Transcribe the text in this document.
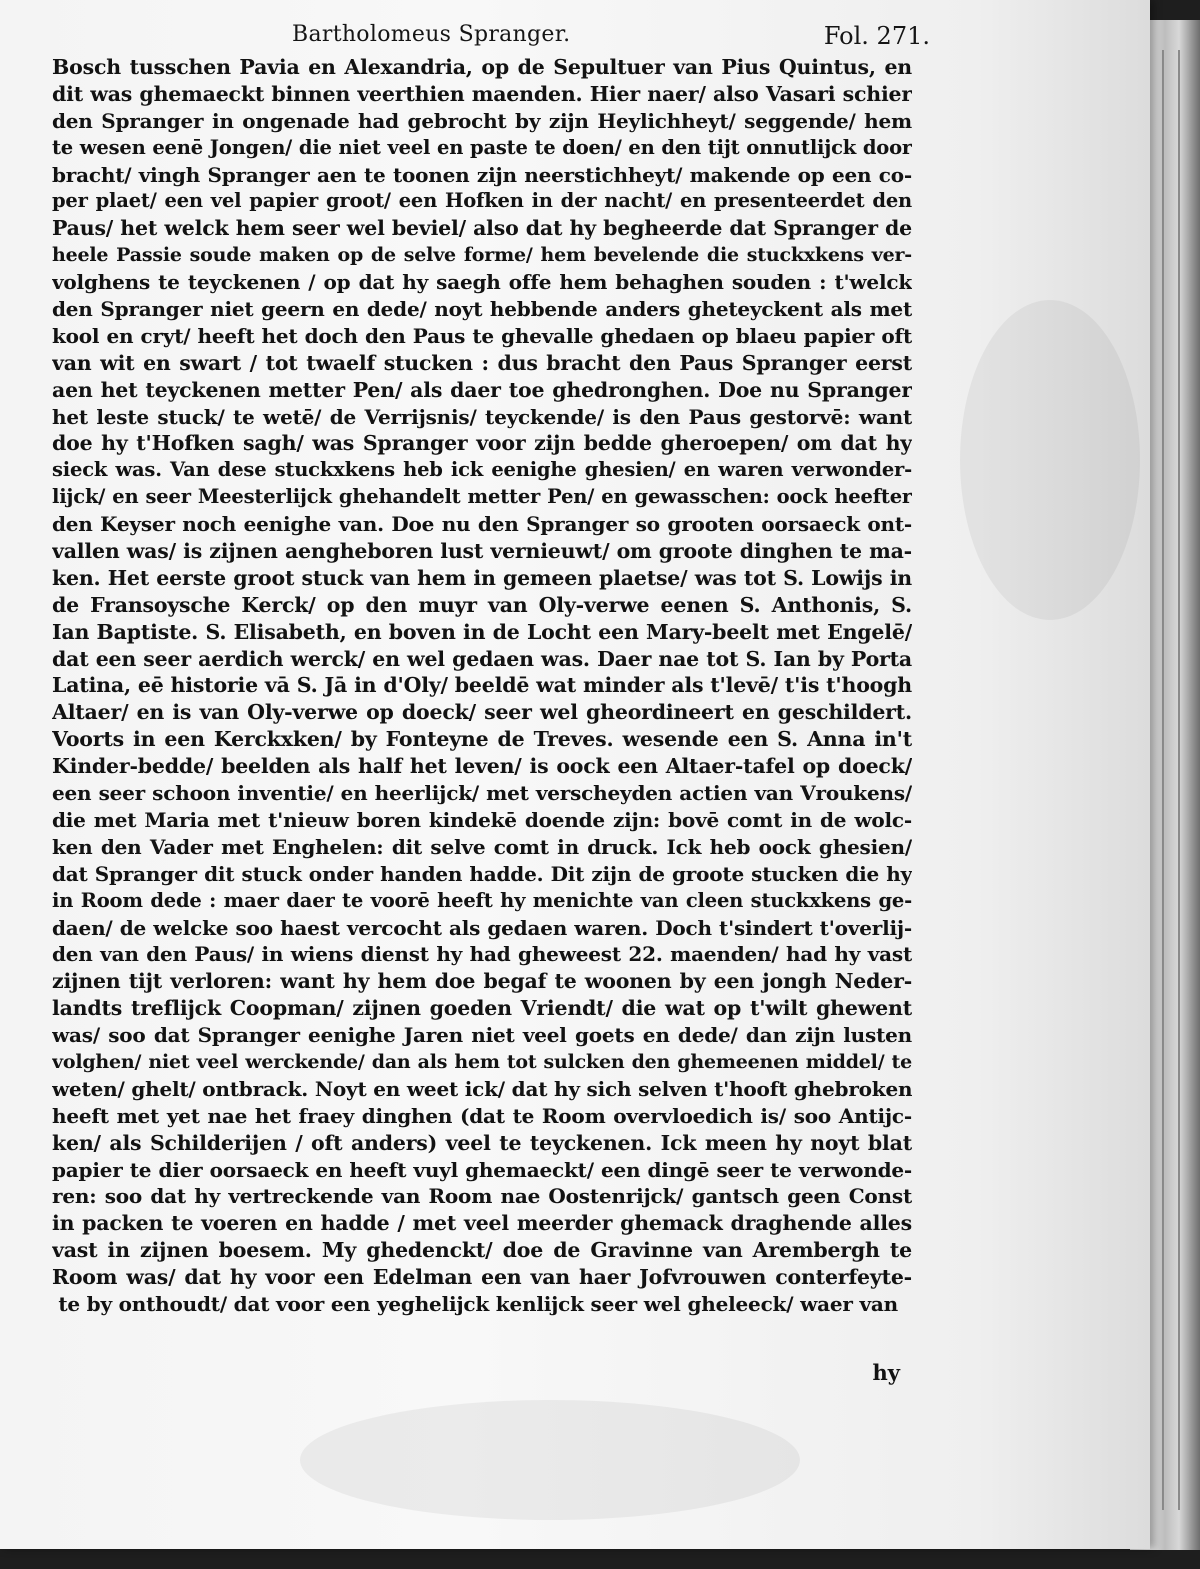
Bartholomeus Spranger.	Fol. 271.
Bosch tusschen Pavia en Alexandria, op de Sepultuer van Pius Quintus, en
dit was ghemaeckt binnen veerthien maenden. Hier naer/ also Vasari schier
den Spranger in ongenade had gebrocht by zijn Heylichheyt/ seggende/ hem
te wesen eenē Jongen/ die niet veel en paste te doen/ en den tijt onnutlijck door
bracht/ vingh Spranger aen te toonen zijn neerstichheyt/ makende op een co-
per plaet/ een vel papier groot/ een Hofken in der nacht/ en presenteerdet den
Paus/ het welck hem seer wel beviel/ also dat hy begheerde dat Spranger de
heele Passie soude maken op de selve forme/ hem bevelende die stuckxkens ver-
volghens te teyckenen / op dat hy saegh offe hem behaghen souden : t'welck
den Spranger niet geern en dede/ noyt hebbende anders gheteyckent als met
kool en cryt/ heeft het doch den Paus te ghevalle ghedaen op blaeu papier oft
van wit en swart / tot twaelf stucken : dus bracht den Paus Spranger eerst
aen het teyckenen metter Pen/ als daer toe ghedronghen. Doe nu Spranger
het leste stuck/ te wetē/ de Verrijsnis/ teyckende/ is den Paus gestorvē: want
doe hy t'Hofken sagh/ was Spranger voor zijn bedde gheroepen/ om dat hy
sieck was. Van dese stuckxkens heb ick eenighe ghesien/ en waren verwonder-
lijck/ en seer Meesterlijck ghehandelt metter Pen/ en gewasschen: oock heefter
den Keyser noch eenighe van. Doe nu den Spranger so grooten oorsaeck ont-
vallen was/ is zijnen aengheboren lust vernieuwt/ om groote dinghen te ma-
ken. Het eerste groot stuck van hem in gemeen plaetse/ was tot S. Lowijs in
de Fransoysche Kerck/ op den muyr van Oly-verwe eenen S. Anthonis, S.
Ian Baptiste. S. Elisabeth, en boven in de Locht een Mary-beelt met Engelē/
dat een seer aerdich werck/ en wel gedaen was. Daer nae tot S. Ian by Porta
Latina, eē historie vā S. Jā in d'Oly/ beeldē wat minder als t'levē/ t'is t'hoogh
Altaer/ en is van Oly-verwe op doeck/ seer wel gheordineert en geschildert.
Voorts in een Kerckxken/ by Fonteyne de Treves. wesende een S. Anna in't
Kinder-bedde/ beelden als half het leven/ is oock een Altaer-tafel op doeck/
een seer schoon inventie/ en heerlijck/ met verscheyden actien van Vroukens/
die met Maria met t'nieuw boren kindekē doende zijn: bovē comt in de wolc-
ken den Vader met Enghelen: dit selve comt in druck. Ick heb oock ghesien/
dat Spranger dit stuck onder handen hadde. Dit zijn de groote stucken die hy
in Room dede : maer daer te voorē heeft hy menichte van cleen stuckxkens ge-
daen/ de welcke soo haest vercocht als gedaen waren. Doch t'sindert t'overlij-
den van den Paus/ in wiens dienst hy had gheweest 22. maenden/ had hy vast
zijnen tijt verloren: want hy hem doe begaf te woonen by een jongh Neder-
landts treflijck Coopman/ zijnen goeden Vriendt/ die wat op t'wilt ghewent
was/ soo dat Spranger eenighe Jaren niet veel goets en dede/ dan zijn lusten
volghen/ niet veel werckende/ dan als hem tot sulcken den ghemeenen middel/ te
weten/ ghelt/ ontbrack. Noyt en weet ick/ dat hy sich selven t'hooft ghebroken
heeft met yet nae het fraey dinghen (dat te Room overvloedich is/ soo Antijc-
ken/ als Schilderijen / oft anders) veel te teyckenen. Ick meen hy noyt blat
papier te dier oorsaeck en heeft vuyl ghemaeckt/ een dingē seer te verwonde-
ren: soo dat hy vertreckende van Room nae Oostenrijck/ gantsch geen Const
in packen te voeren en hadde / met veel meerder ghemack draghende alles
vast in zijnen boesem. My ghedenckt/ doe de Gravinne van Arembergh te
Room was/ dat hy voor een Edelman een van haer Jofvrouwen conterfeyte-
te by onthoudt/ dat voor een yeghelijck kenlijck seer wel gheleeck/ waer van
hy
